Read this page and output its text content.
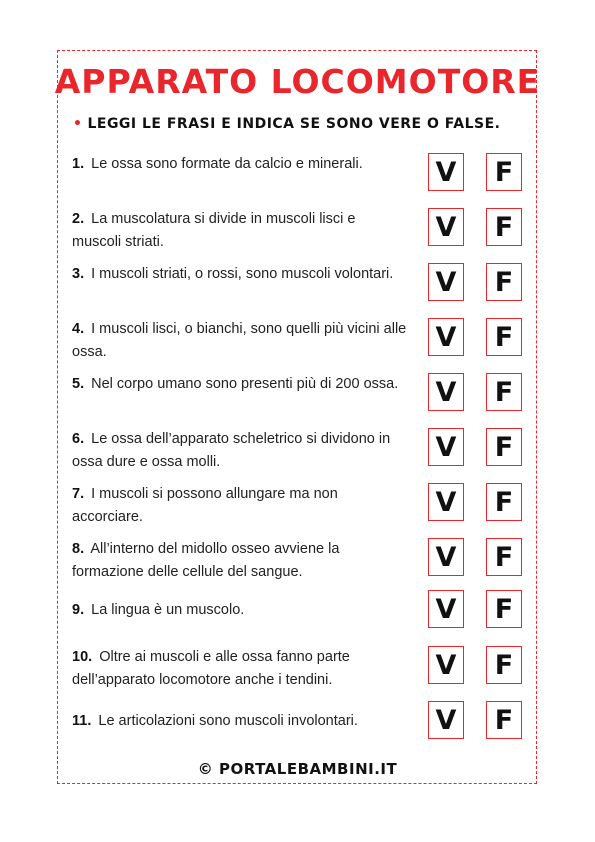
APPARATO LOCOMOTORE
• LEGGI LE FRASI E INDICA SE SONO VERE O FALSE.
1. Le ossa sono formate da calcio e minerali.	V	F
2. La muscolatura si divide in muscoli lisci e muscoli striati.	V	F
3. I muscoli striati, o rossi, sono muscoli volontari.	V	F
4. I muscoli lisci, o bianchi, sono quelli più vicini alle ossa.	V	F
5. Nel corpo umano sono presenti più di 200 ossa.	V	F
6. Le ossa dell’apparato scheletrico si dividono in ossa dure e ossa molli.	V	F
7. I muscoli si possono allungare ma non accorciare.	V	F
8. All’interno del midollo osseo avviene la formazione delle cellule del sangue.	V	F
9. La lingua è un muscolo.	V	F
10. Oltre ai muscoli e alle ossa fanno parte dell’apparato locomotore anche i tendini.	V	F
11. Le articolazioni sono muscoli involontari.	V	F
© PORTALEBAMBINI.IT
